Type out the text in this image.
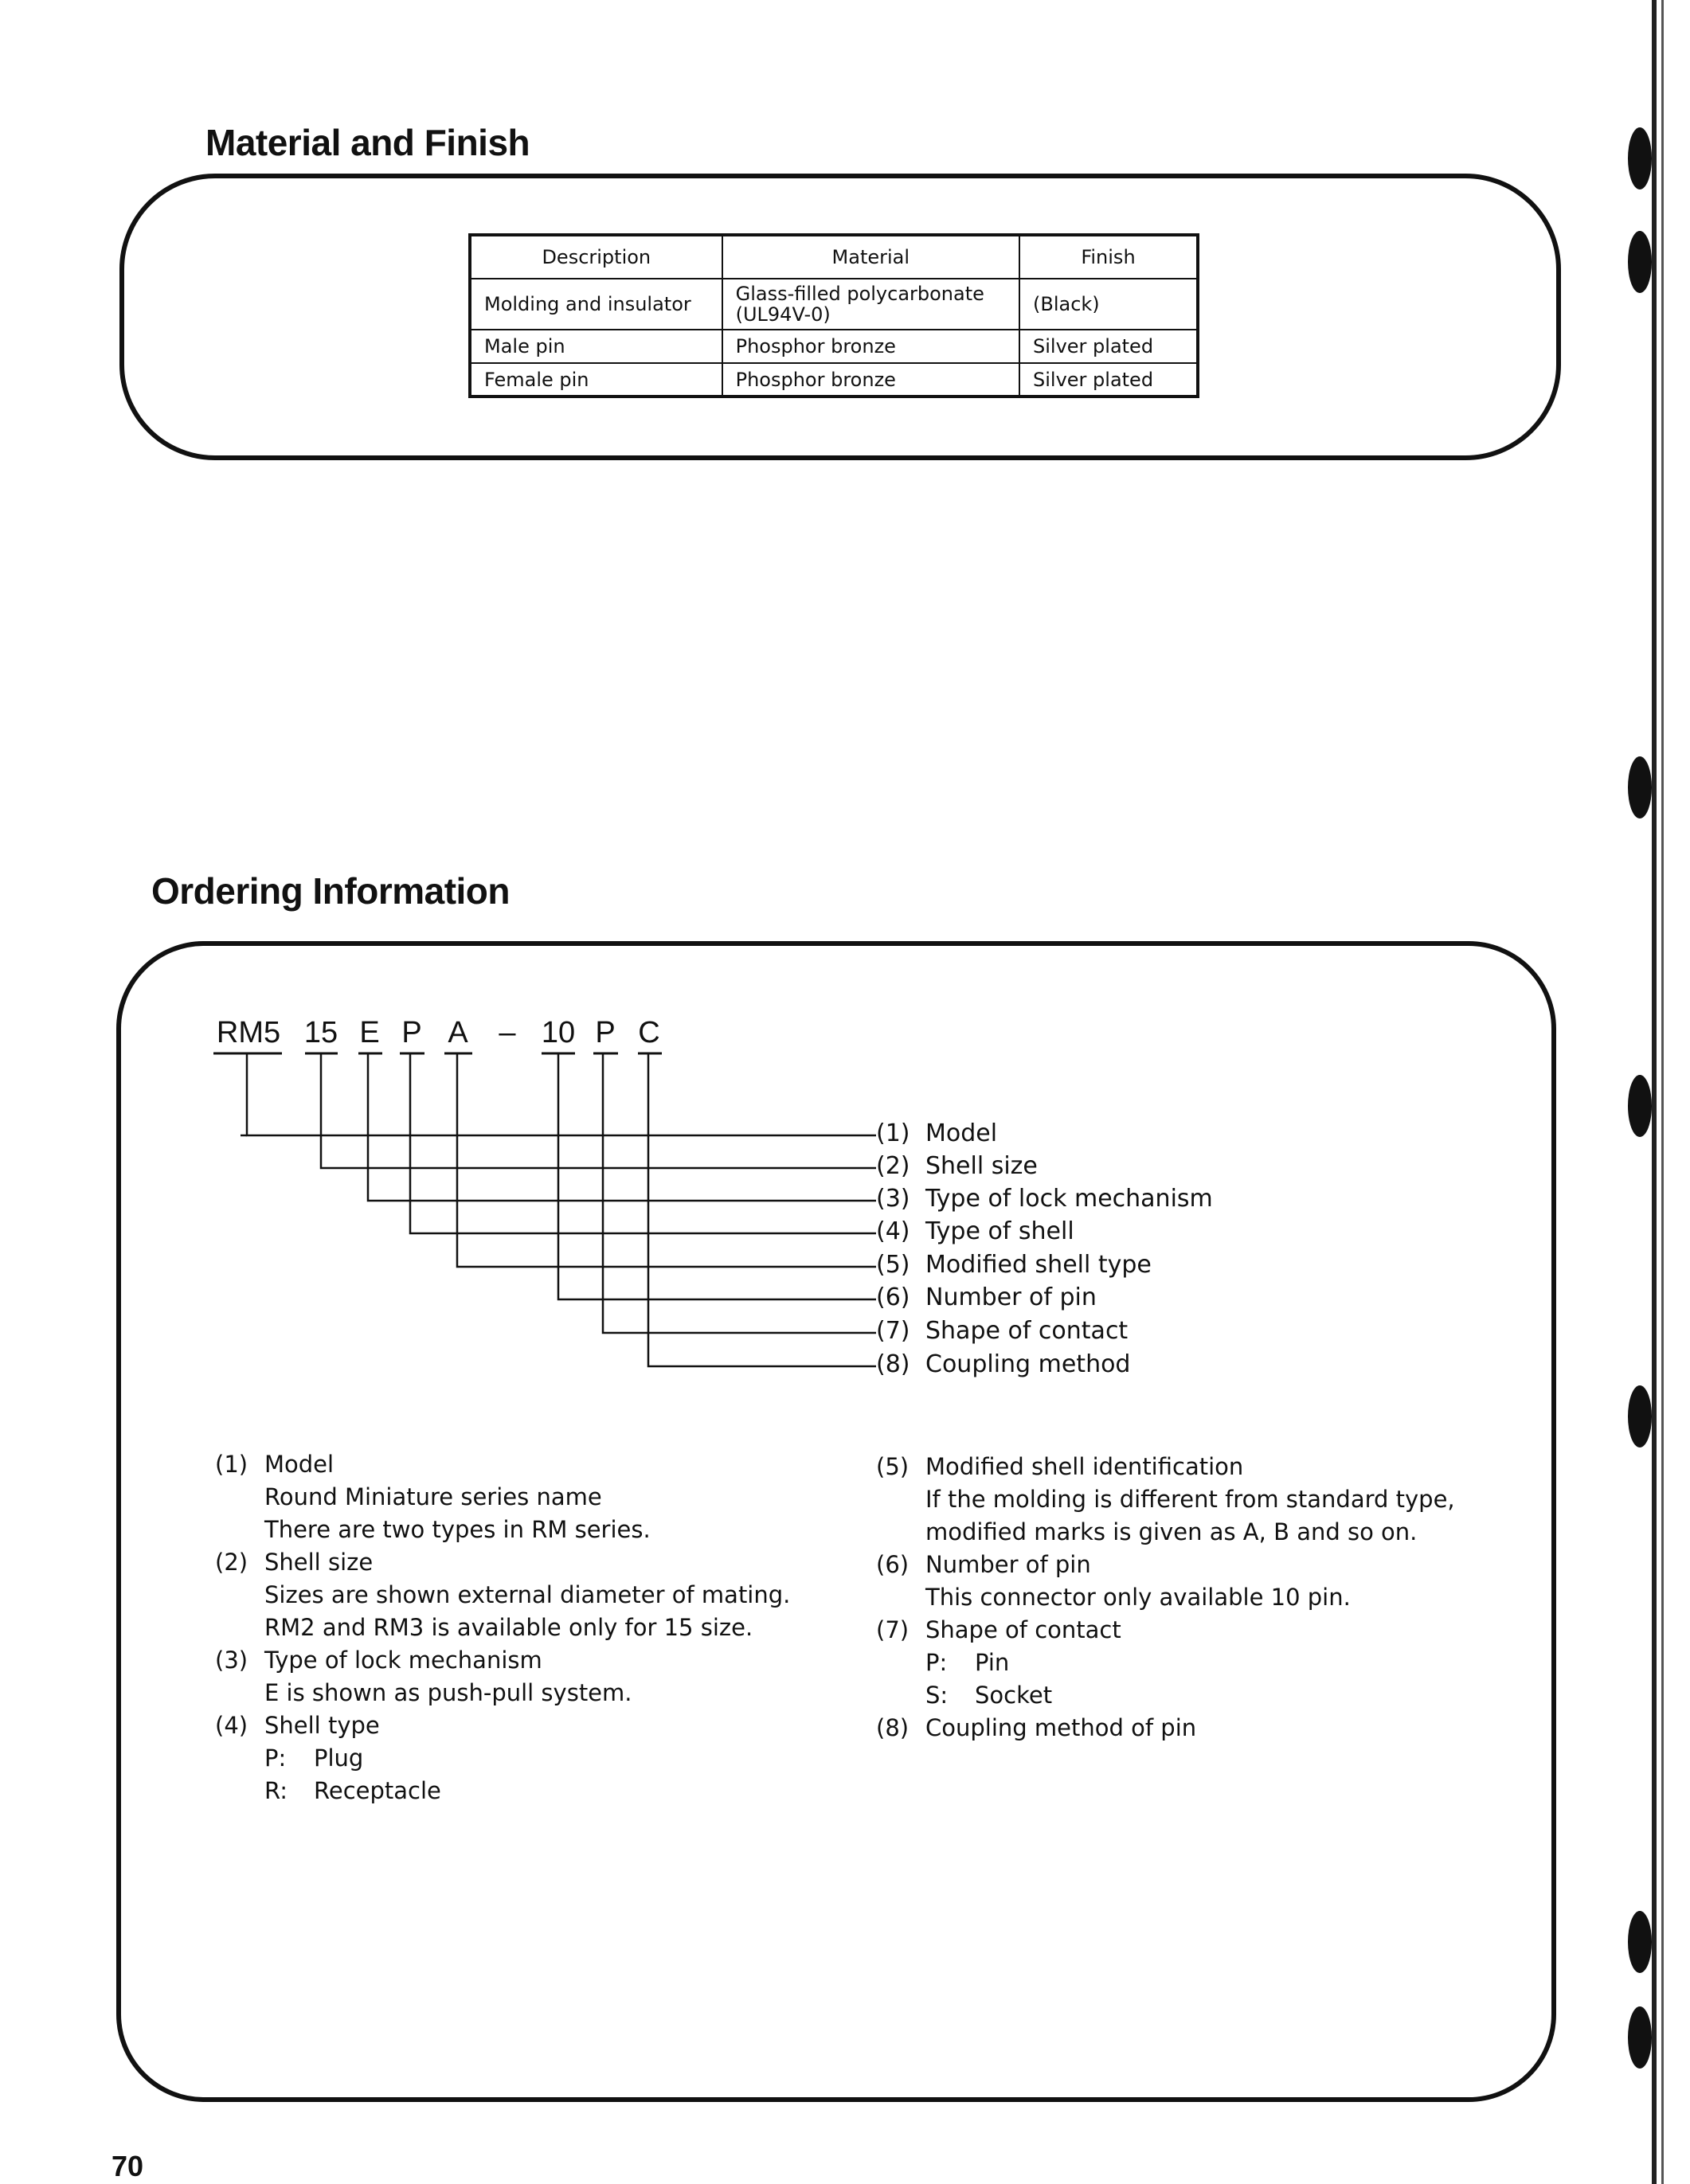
Material and Finish
Description	Material	Finish
Molding and insulator	Glass-filled polycarbonate (UL94V-0)	(Black)
Male pin	Phosphor bronze	Silver plated
Female pin	Phosphor bronze	Silver plated
Ordering Information
RM5 15 E P A – 10 P C
(1) Model
(2) Shell size
(3) Type of lock mechanism
(4) Type of shell
(5) Modified shell type
(6) Number of pin
(7) Shape of contact
(8) Coupling method
(1) Model
Round Miniature series name
There are two types in RM series.
(2) Shell size
Sizes are shown external diameter of mating.
RM2 and RM3 is available only for 15 size.
(3) Type of lock mechanism
E is shown as push-pull system.
(4) Shell type
P:	Plug
R:	Receptacle
(5) Modified shell identification
If the molding is different from standard type,
modified marks is given as A, B and so on.
(6) Number of pin
This connector only available 10 pin.
(7) Shape of contact
P:	Pin
S:	Socket
(8) Coupling method of pin
70
